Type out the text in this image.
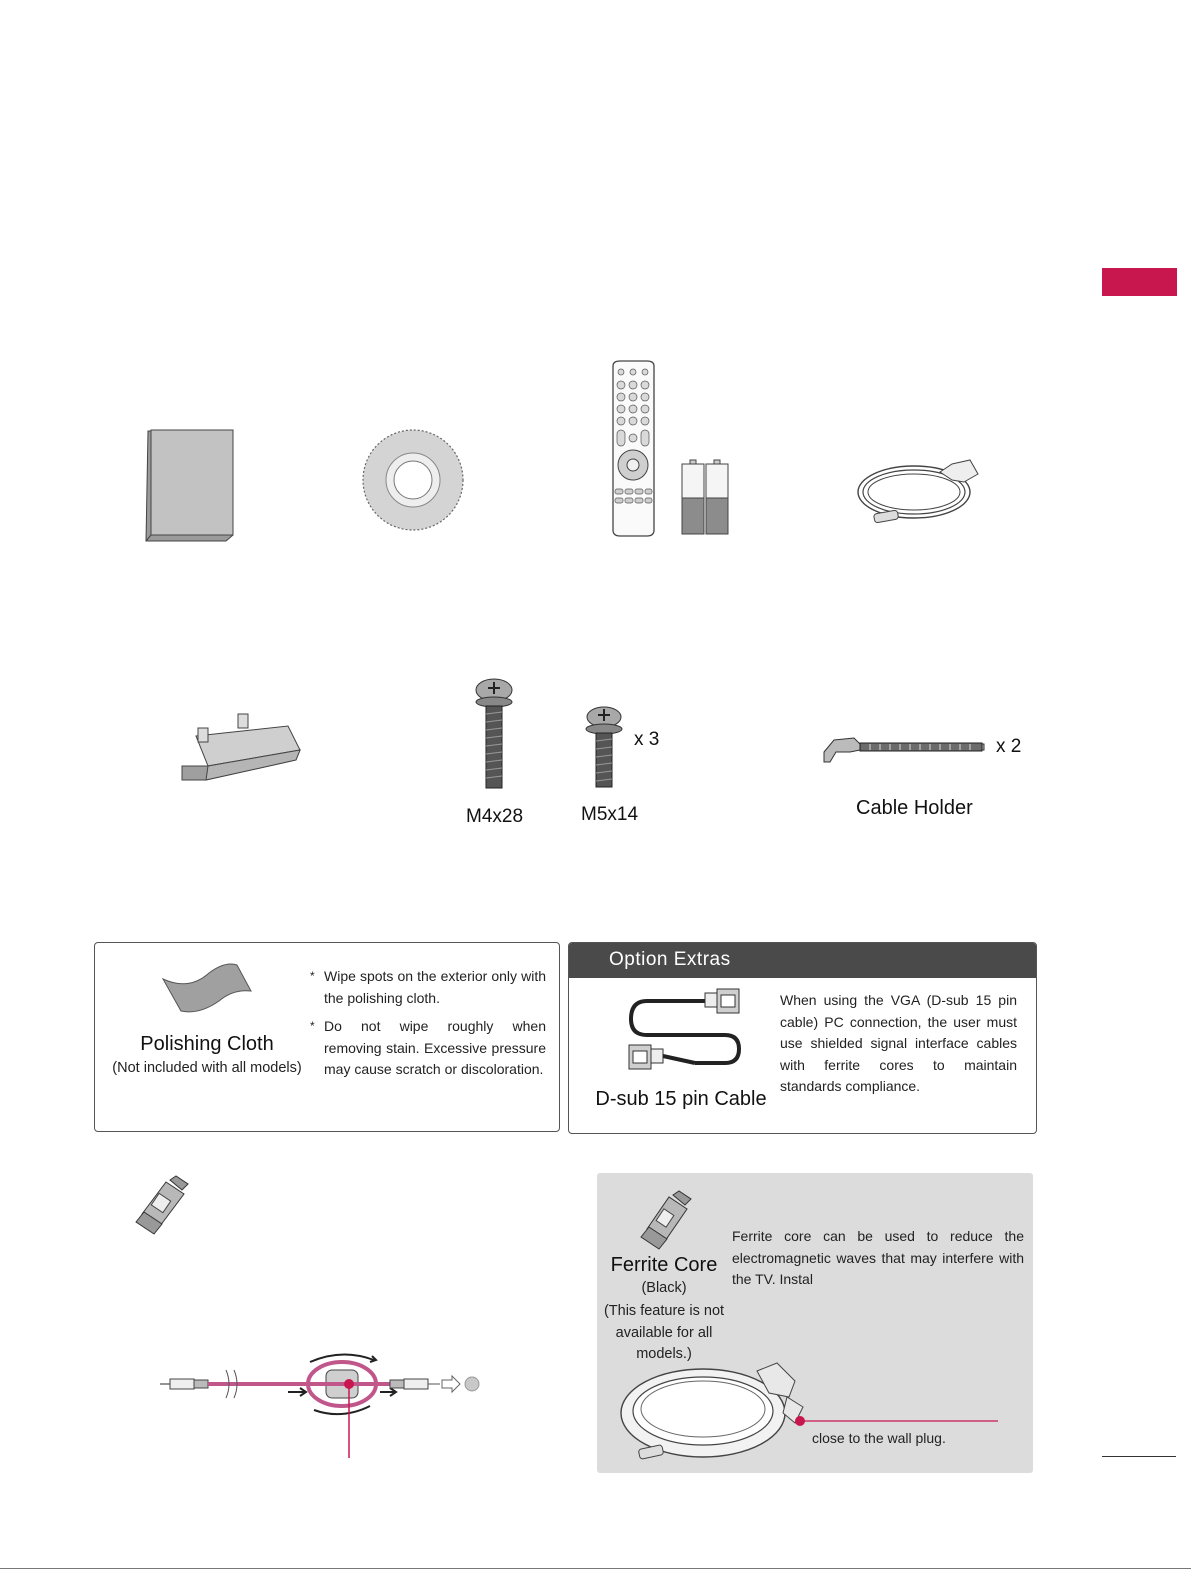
x 3
M4x28	M5x14
x 2
Cable Holder
Polishing Cloth
(Not included with all models)
* Wipe spots on the exterior only with the polishing cloth.
* Do not wipe roughly when removing stain. Excessive pressure may cause scratch or discoloration.
Option Extras
D-sub 15 pin Cable
When using the VGA (D-sub 15 pin cable) PC connection, the user must use shielded signal interface cables with ferrite cores to maintain standards compliance.
Ferrite Core
(Black)
(This feature is not available for all models.)
Ferrite core can be used to reduce the electromagnetic waves that may interfere with the TV. Instal
close to the wall plug.
